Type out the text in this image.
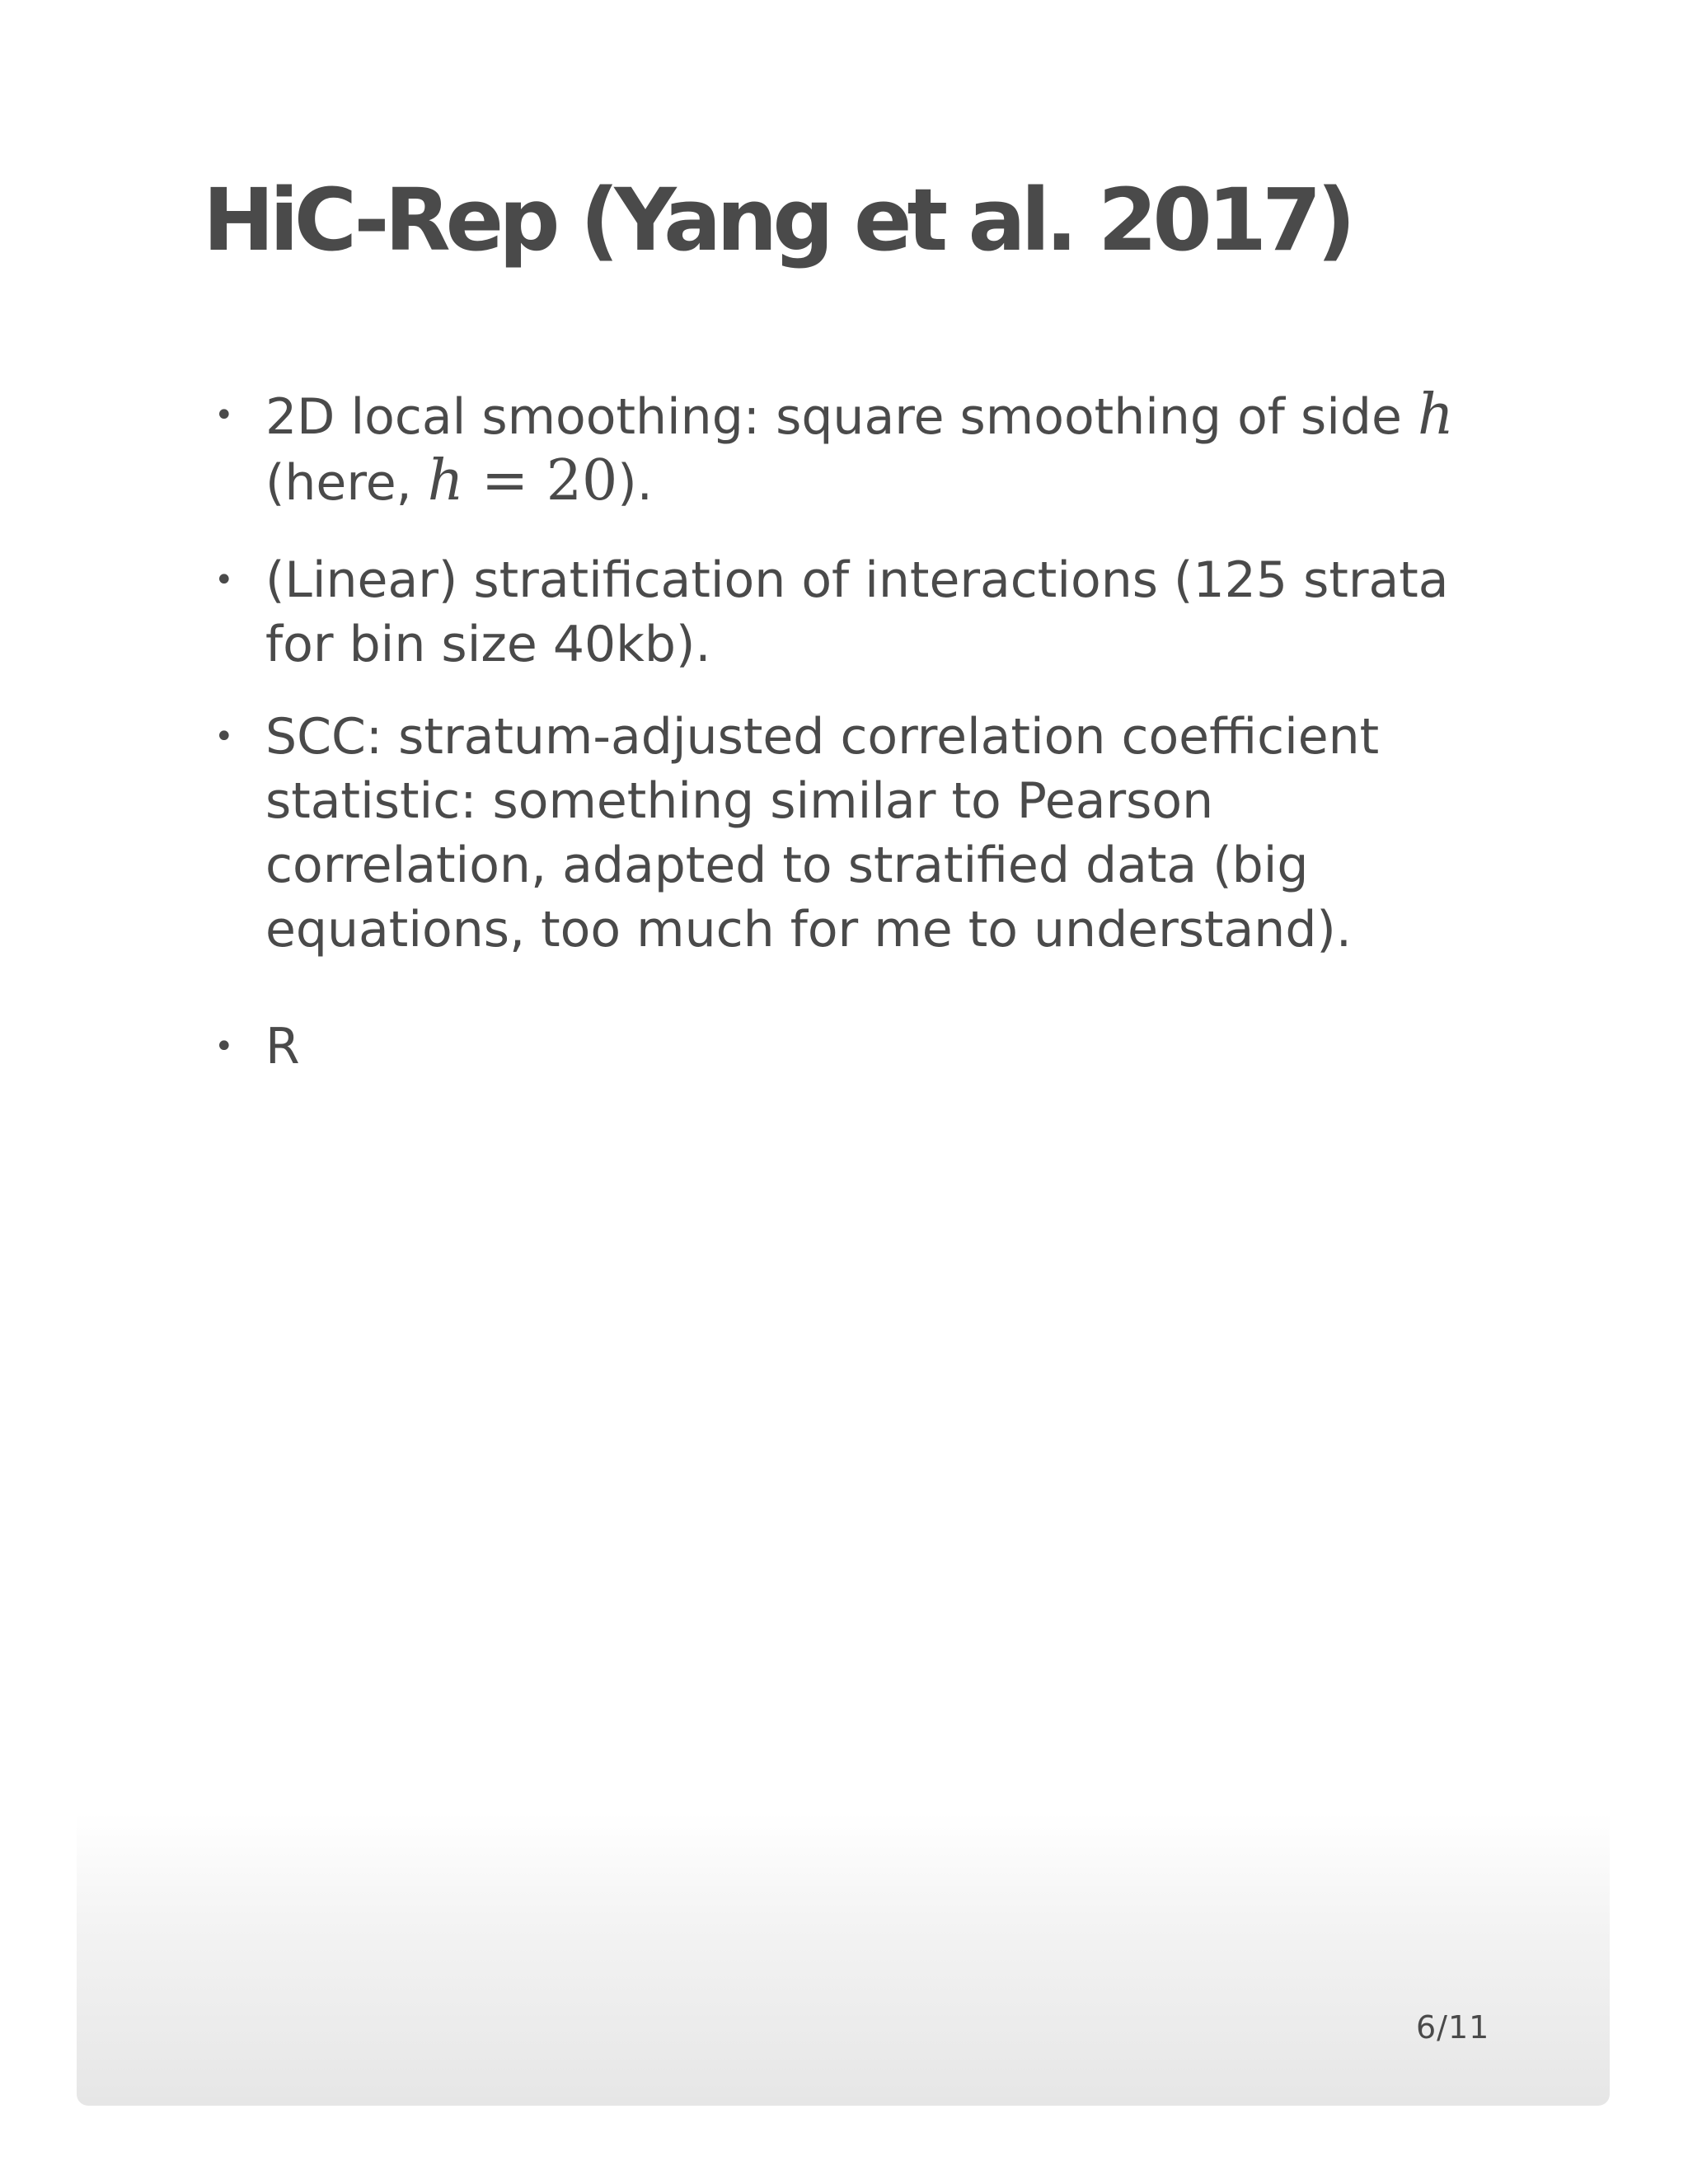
HiC-Rep (Yang et al. 2017)
• 2D local smoothing: square smoothing of side h
(here, h = 20).
• (Linear) stratification of interactions (125 strata for bin size 40kb).
• SCC: stratum-adjusted correlation coefficient statistic: something similar to Pearson correlation, adapted to stratified data (big equations, too much for me to understand).
• R
6/11
